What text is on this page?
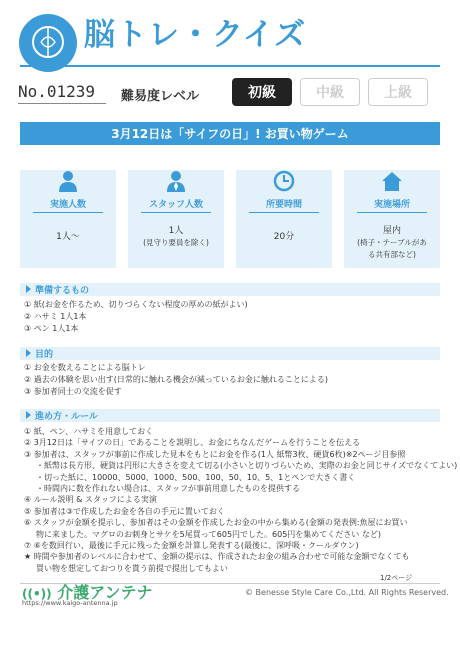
脳トレ・クイズ
No.01239 難易度レベル	初級	中級	上級
3月12日は「サイフの日」! お買い物ゲーム
実施人数	スタッフ人数	所要時間	実施場所
1人〜
1人
(見守り要員を除く)
20分
屋内
(椅子・テーブルがある共有部など)
準備するもの
① 紙(お金を作るため、切りづらくない程度の厚めの紙がよい)
② ハサミ 1人1本
③ ペン 1人1本
目的
① お金を数えることによる脳トレ
② 過去の体験を思い出す(日常的に触れる機会が減っているお金に触れることによる)
③ 参加者同士の交流を促す
進め方・ルール
① 紙、ペン、ハサミを用意しておく
② 3月12日は「サイフの日」であることを説明し、お金にちなんだゲームを行うことを伝える
③ 参加者は、スタッフが事前に作成した見本をもとにお金を作る(1人 紙幣3枚、硬貨6枚)※2ページ目参照
・紙幣は長方形、硬貨は円形に大きさを変えて切る(小さいと切りづらいため、実際のお金と同じサイズでなくてよい)
・切った紙に、10000、5000、1000、500、100、50、10、5、1とペンで大きく書く
・時間内に数を作れない場合は、スタッフが事前用意したものを提供する
④ ルール説明 & スタッフによる実演
⑤ 参加者は③で作成したお金を各自の手元に置いておく
⑥ スタッフが金額を提示し、参加者はその金額を作成したお金の中から集める(金額の発表例:魚屋にお買い
物に来ました。マグロのお刺身とサケを5尾買って605円でした。605円を集めてください など)
⑦ ⑥を数回行い、最後に手元に残った金額を計算し発表する(最後に、深呼吸・クールダウン)
★ 時間や参加者のレベルに合わせて、金額の提示は、作成されたお金の組み合わせで可能な金額でなくても
買い物を想定しておつりを貰う前提で提出してもよい
1/2ページ
((•)) 介護アンテナ
https://www.kaigo-antenna.jp
© Benesse Style Care Co.,Ltd. All Rights Reserved.
